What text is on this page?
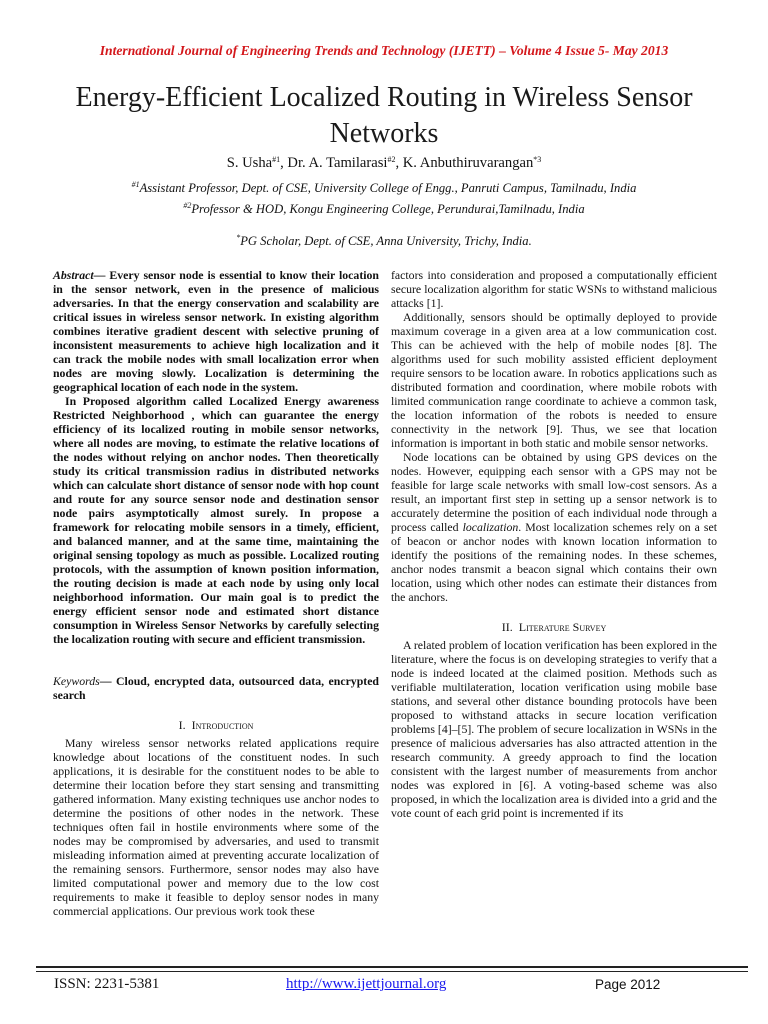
International Journal of Engineering Trends and Technology (IJETT) – Volume 4 Issue 5- May 2013
Energy-Efficient Localized Routing in Wireless Sensor Networks
S. Usha$^{\#1}$, Dr. A. Tamilarasi$^{\#2}$, K. Anbuthiruvarangan$^{*3}$
$^{\#1}$Assistant Professor, Dept. of CSE, University College of Engg., Panruti Campus, Tamilnadu, India
$^{\#2}$Professor & HOD, Kongu Engineering College, Perundurai,Tamilnadu, India
*PG Scholar, Dept. of CSE, Anna University, Trichy, India.

Abstract— Every sensor node is essential to know their location in the sensor network, even in the presence of malicious adversaries. In that the energy conservation and scalability are critical issues in wireless sensor network. In existing algorithm combines iterative gradient descent with selective pruning of inconsistent measurements to achieve high localization and it can track the mobile nodes with small localization error when nodes are moving slowly. Localization is determining the geographical location of each node in the system.

In Proposed algorithm called Localized Energy awareness Restricted Neighborhood , which can guarantee the energy efficiency of its localized routing in mobile sensor networks, where all nodes are moving, to estimate the relative locations of the nodes without relying on anchor nodes. Then theoretically study its critical transmission radius in distributed networks which can calculate short distance of sensor node with hop count and route for any source sensor node and destination sensor node pairs asymptotically almost surely. In propose a framework for relocating mobile sensors in a timely, efficient, and balanced manner, and at the same time, maintaining the original sensing topology as much as possible. Localized routing protocols, with the assumption of known position information, the routing decision is made at each node by using only local neighborhood information. Our main goal is to predict the energy efficient sensor node and estimated short distance consumption in Wireless Sensor Networks by carefully selecting the localization routing with secure and efficient transmission.

Keywords— Cloud, encrypted data, outsourced data, encrypted search

I. Introduction

Many wireless sensor networks related applications require knowledge about locations of the constituent nodes. In such applications, it is desirable for the constituent nodes to be able to determine their location before they start sensing and transmitting gathered information. Many existing techniques use anchor nodes to determine the positions of other nodes in the network. These techniques often fail in hostile environments where some of the nodes may be compromised by adversaries, and used to transmit misleading information aimed at preventing accurate localization of the remaining sensors. Furthermore, sensor nodes may also have limited computational power and memory due to the low cost requirements to make it feasible to deploy sensor nodes in many commercial applications. Our previous work took these

factors into consideration and proposed a computationally efficient secure localization algorithm for static WSNs to withstand malicious attacks [1].

Additionally, sensors should be optimally deployed to provide maximum coverage in a given area at a low communication cost. This can be achieved with the help of mobile nodes [8]. The algorithms used for such mobility assisted efficient deployment require sensors to be location aware. In robotics applications such as distributed formation and coordination, where mobile robots with limited communication range coordinate to achieve a common task, the location information of the robots is needed to ensure connectivity in the network [9]. Thus, we see that location information is important in both static and mobile sensor networks.

Node locations can be obtained by using GPS devices on the nodes. However, equipping each sensor with a GPS may not be feasible for large scale networks with small low-cost sensors. As a result, an important first step in setting up a sensor network is to accurately determine the position of each individual node through a process called localization. Most localization schemes rely on a set of beacon or anchor nodes with known location information to identify the positions of the remaining nodes. In these schemes, anchor nodes transmit a beacon signal which contains their own location, using which other nodes can estimate their distances from the anchors.

II. Literature Survey

A related problem of location verification has been explored in the literature, where the focus is on developing strategies to verify that a node is indeed located at the claimed position. Methods such as verifiable multilateration, location verification using mobile base stations, and several other distance bounding protocols have been proposed to withstand attacks in secure location verification problems [4]–[5]. The problem of secure localization in WSNs in the presence of malicious adversaries has also attracted attention in the research community. A greedy approach to find the location consistent with the largest number of measurements from anchor nodes was explored in [6]. A voting-based scheme was also proposed, in which the localization area is divided into a grid and the vote count of each grid point is incremented if its

ISSN: 2231-5381	http://www.ijettjournal.org	Page 2012
